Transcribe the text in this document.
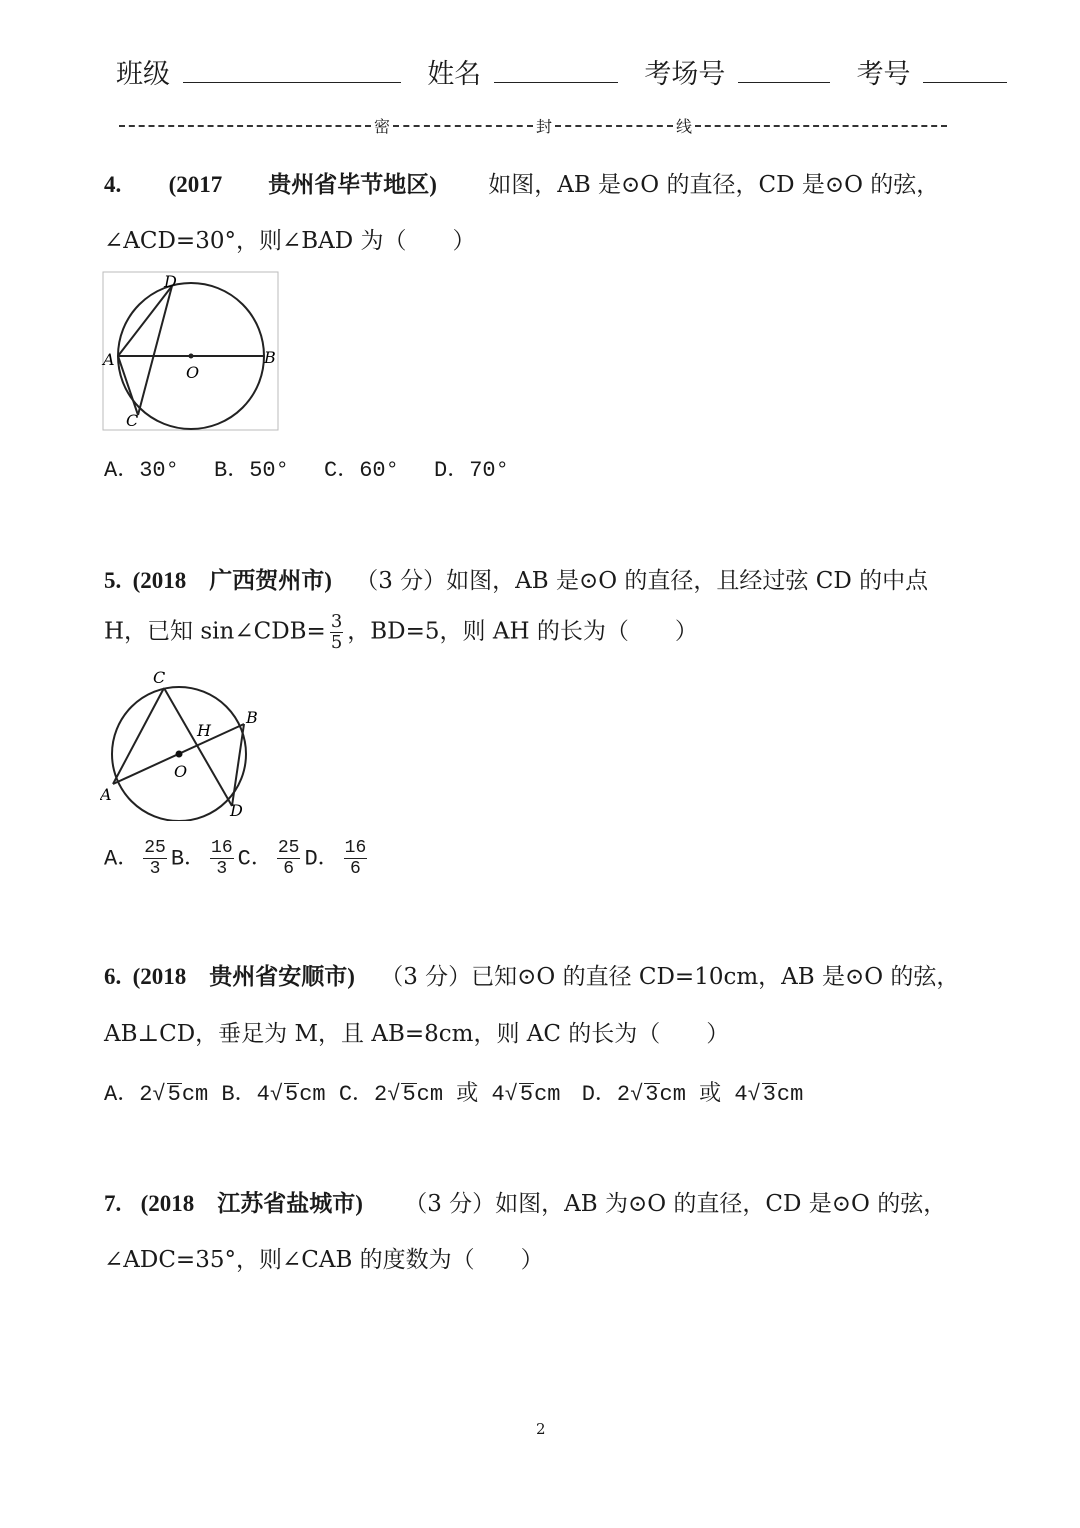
班级	姓名	考场号	考号
密	封	线
4. (2017　　贵州省毕节地区) 如图，AB 是⊙O 的直径，CD 是⊙O 的弦，
∠ACD=30°，则∠BAD 为（　　）
A	B
C
D
O
A．30°　 B．50°　 C．60°　 D．70°
5. (2018　广西贺州市) （3 分）如图，AB 是⊙O 的直径，且经过弦 CD 的中点
H，已知 sin∠CDB= $\frac{3}{5}$ ，BD=5，则 AH 的长为（　　）
A
B
C
D
O
H
A． $\frac{25}{3}$ B． $\frac{16}{3}$ C． $\frac{25}{6}$ D． $\frac{16}{6}$
6. (2018　贵州省安顺市) （3 分）已知⊙O 的直径 CD=10cm，AB 是⊙O 的弦，
AB⊥CD，垂足为 M，且 AB=8cm，则 AC 的长为（　　）
A．2√5cm B．4√5cm C．2√5cm 或 4√5cm D．2√3cm 或 4√3cm
7. (2018　江苏省盐城市) （3 分）如图，AB 为⊙O 的直径，CD 是⊙O 的弦，
∠ADC=35°，则∠CAB 的度数为（　　）
2
